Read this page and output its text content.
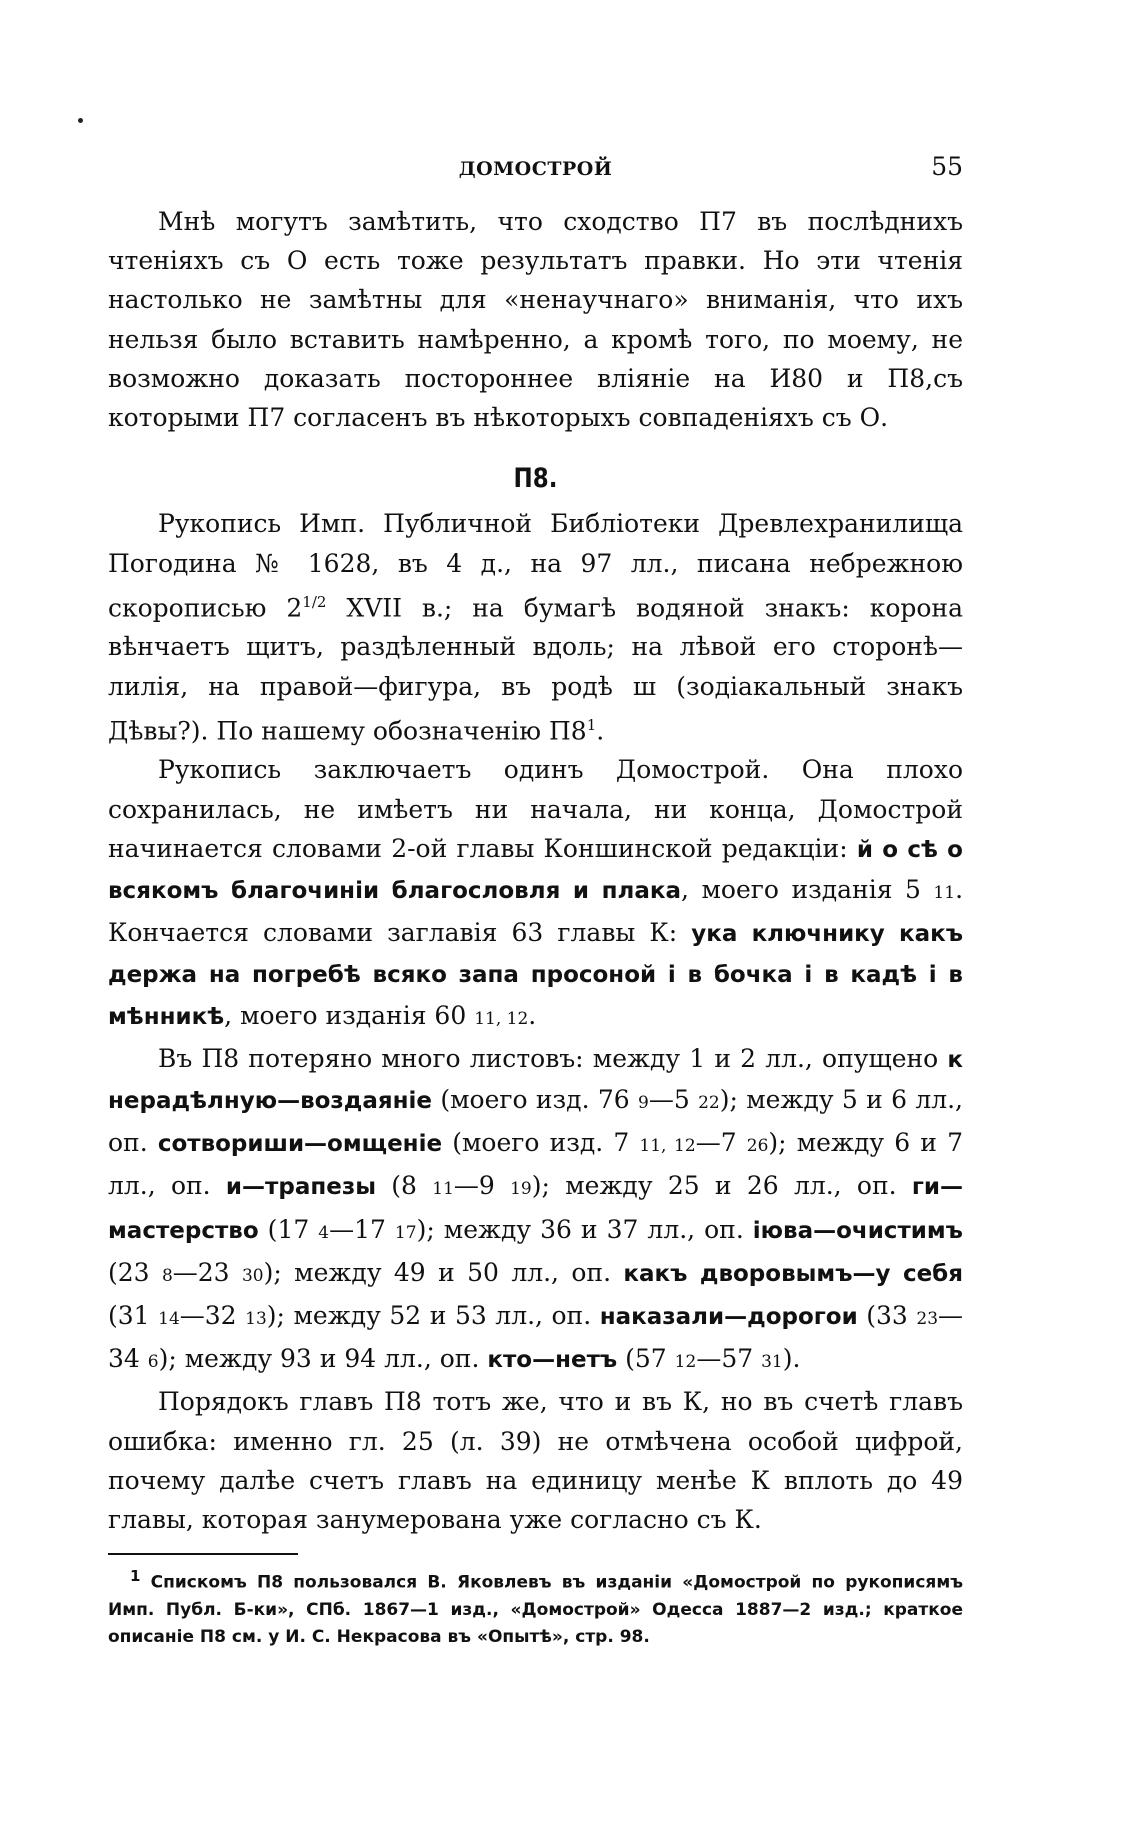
ДОМОСТРОЙ	55

Мнѣ могутъ замѣтить, что сходство П7 въ послѣднихъ чтеніяхъ съ О есть тоже результатъ правки. Но эти чтенія настолько не замѣтны для «ненаучнаго» вниманія, что ихъ нельзя было вставить намѣренно, а кромѣ того, по моему, не возможно доказать постороннее вліяніе на И80 и П8,съ которыми П7 согласенъ въ нѣкоторыхъ совпаденіяхъ съ О.

П8.

Рукопись Имп. Публичной Библіотеки Древлехранилища Погодина № 1628, въ 4 д., на 97 лл., писана небрежною скорописью $2^{1/2}$ XVII в.; на бумагѣ водяной знакъ: корона вѣнчаетъ щитъ, раздѣленный вдоль; на лѣвой его сторонѣ—лилія, на правой—фигура, въ родѣ ш (зодіакальный знакъ Дѣвы?). По нашему обозначенію $П8^1$.

Рукопись заключаетъ одинъ Домострой. Она плохо сохранилась, не имѣетъ ни начала, ни конца, Домострой начинается словами 2-ой главы Коншинской редакціи: й о сѣ о всякомъ благочиніи благословля и плака, моего изданія 5 11. Кончается словами заглавія 63 главы К: ука ключнику какъ держа на погребѣ всяко запа просоной і в бочка і в кадѣ і в мѣнникѣ, моего изданія 60 11, 12.

Въ П8 потеряно много листовъ: между 1 и 2 лл., опущено к нерадѣлную—воздаяніе (моего изд. 76 9—5 22); между 5 и 6 лл., оп. сотвориши—омщеніе (моего изд. 7 11, 12—7 26); между 6 и 7 лл., оп. и—трапезы (8 11—9 19); между 25 и 26 лл., оп. ги—мастерство (17 4—17 17); между 36 и 37 лл., оп. іюва—очистимъ (23 8—23 30); между 49 и 50 лл., оп. какъ дворовымъ—у себя (31 14—32 13); между 52 и 53 лл., оп. наказали—дорогои (33 23—34 6); между 93 и 94 лл., оп. кто—нетъ (57 12—57 31).

Порядокъ главъ П8 тотъ же, что и въ К, но въ счетѣ главъ ошибка: именно гл. 25 (л. 39) не отмѣчена особой цифрой, почему далѣе счетъ главъ на единицу менѣе К вплоть до 49 главы, которая занумерована уже согласно съ К.

$^1$ Спискомъ П8 пользовался В. Яковлевъ въ изданіи «Домострой по рукописямъ Имп. Публ. Б-ки», СПб. 1867—1 изд., «Домострой» Одесса 1887—2 изд.; краткое описаніе П8 см. у И. С. Некрасова въ «Опытѣ», стр. 98.
